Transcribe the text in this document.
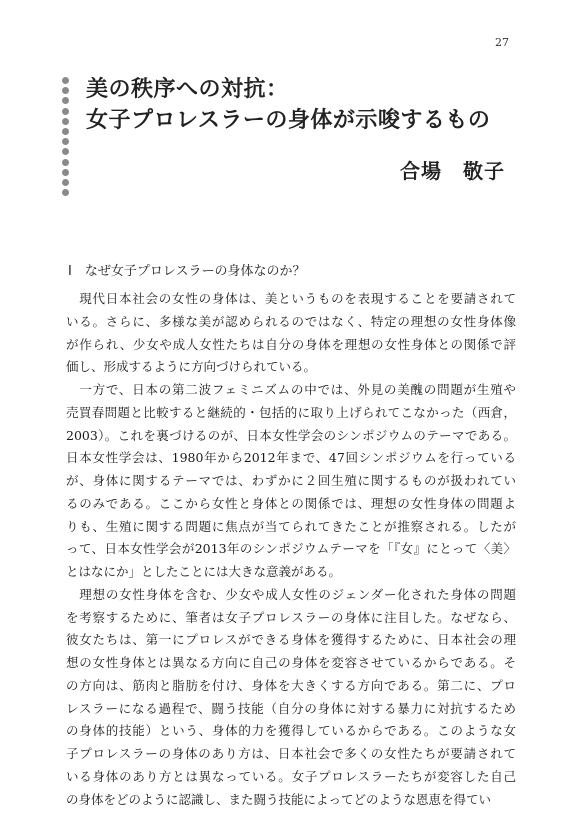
27
美の秩序への対抗：
女子プロレスラーの身体が示唆するもの
合場　敬子
I　なぜ女子プロレスラーの身体なのか？
　現代日本社会の女性の身体は、美というものを表現することを要請されて
いる。さらに、多様な美が認められるのではなく、特定の理想の女性身体像
が作られ、少女や成人女性たちは自分の身体を理想の女性身体との関係で評
価し、形成するように方向づけられている。
　一方で、日本の第二波フェミニズムの中では、外見の美醜の問題が生殖や
売買春問題と比較すると継続的・包括的に取り上げられてこなかった（西倉，
2003）。これを裏づけるのが、日本女性学会のシンポジウムのテーマである。
日本女性学会は、1980年から2012年まで、47回シンポジウムを行っている
が、身体に関するテーマでは、わずかに２回生殖に関するものが扱われてい
るのみである。ここから女性と身体との関係では、理想の女性身体の問題よ
りも、生殖に関する問題に焦点が当てられてきたことが推察される。したが
って、日本女性学会が2013年のシンポジウムテーマを「『女』にとって〈美〉
とはなにか」としたことには大きな意義がある。
　理想の女性身体を含む、少女や成人女性のジェンダー化された身体の問題
を考察するために、筆者は女子プロレスラーの身体に注目した。なぜなら、
彼女たちは、第一にプロレスができる身体を獲得するために、日本社会の理
想の女性身体とは異なる方向に自己の身体を変容させているからである。そ
の方向は、筋肉と脂肪を付け、身体を大きくする方向である。第二に、プロ
レスラーになる過程で、闘う技能（自分の身体に対する暴力に対抗するため
の身体的技能）という、身体的力を獲得しているからである。このような女
子プロレスラーの身体のあり方は、日本社会で多くの女性たちが要請されて
いる身体のあり方とは異なっている。女子プロレスラーたちが変容した自己
の身体をどのように認識し、また闘う技能によってどのような恩恵を得てい
